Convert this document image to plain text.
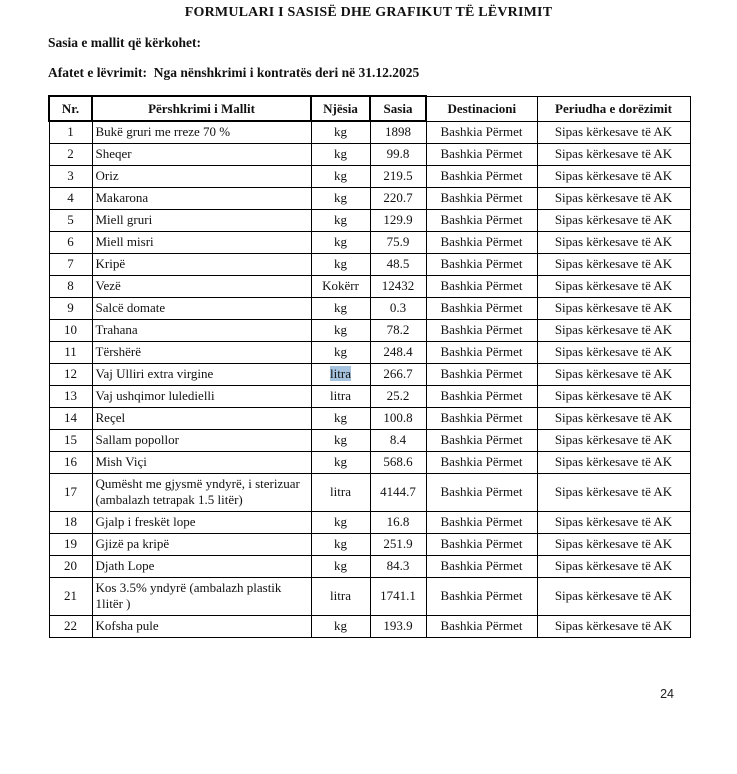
FORMULARI I SASISË DHE GRAFIKUT TË LËVRIMIT
Sasia e mallit që kërkohet:
Afatet e lëvrimit:  Nga nënshkrimi i kontratës deri në 31.12.2025
Nr.	Përshkrimi i Mallit	Njësia	Sasia	Destinacioni	Periudha e dorëzimit
1	Bukë gruri me rreze 70 %	kg	1898	Bashkia Përmet	Sipas kërkesave të AK
2	Sheqer	kg	99.8	Bashkia Përmet	Sipas kërkesave të AK
3	Oriz	kg	219.5	Bashkia Përmet	Sipas kërkesave të AK
4	Makarona	kg	220.7	Bashkia Përmet	Sipas kërkesave të AK
5	Miell gruri	kg	129.9	Bashkia Përmet	Sipas kërkesave të AK
6	Miell misri	kg	75.9	Bashkia Përmet	Sipas kërkesave të AK
7	Kripë	kg	48.5	Bashkia Përmet	Sipas kërkesave të AK
8	Vezë	Kokërr	12432	Bashkia Përmet	Sipas kërkesave të AK
9	Salcë domate	kg	0.3	Bashkia Përmet	Sipas kërkesave të AK
10	Trahana	kg	78.2	Bashkia Përmet	Sipas kërkesave të AK
11	Tërshërë	kg	248.4	Bashkia Përmet	Sipas kërkesave të AK
12	Vaj Ulliri extra virgine	litra	266.7	Bashkia Përmet	Sipas kërkesave të AK
13	Vaj ushqimor luledielli	litra	25.2	Bashkia Përmet	Sipas kërkesave të AK
14	Reçel	kg	100.8	Bashkia Përmet	Sipas kërkesave të AK
15	Sallam popollor	kg	8.4	Bashkia Përmet	Sipas kërkesave të AK
16	Mish Viçi	kg	568.6	Bashkia Përmet	Sipas kërkesave të AK
17	Qumësht me gjysmë yndyrë, i sterizuar (ambalazh tetrapak 1.5 litër)	litra	4144.7	Bashkia Përmet	Sipas kërkesave të AK
18	Gjalp i freskët lope	kg	16.8	Bashkia Përmet	Sipas kërkesave të AK
19	Gjizë pa kripë	kg	251.9	Bashkia Përmet	Sipas kërkesave të AK
20	Djath Lope	kg	84.3	Bashkia Përmet	Sipas kërkesave të AK
21	Kos 3.5% yndyrë (ambalazh plastik 1litër )	litra	1741.1	Bashkia Përmet	Sipas kërkesave të AK
22	Kofsha pule	kg	193.9	Bashkia Përmet	Sipas kërkesave të AK
24
